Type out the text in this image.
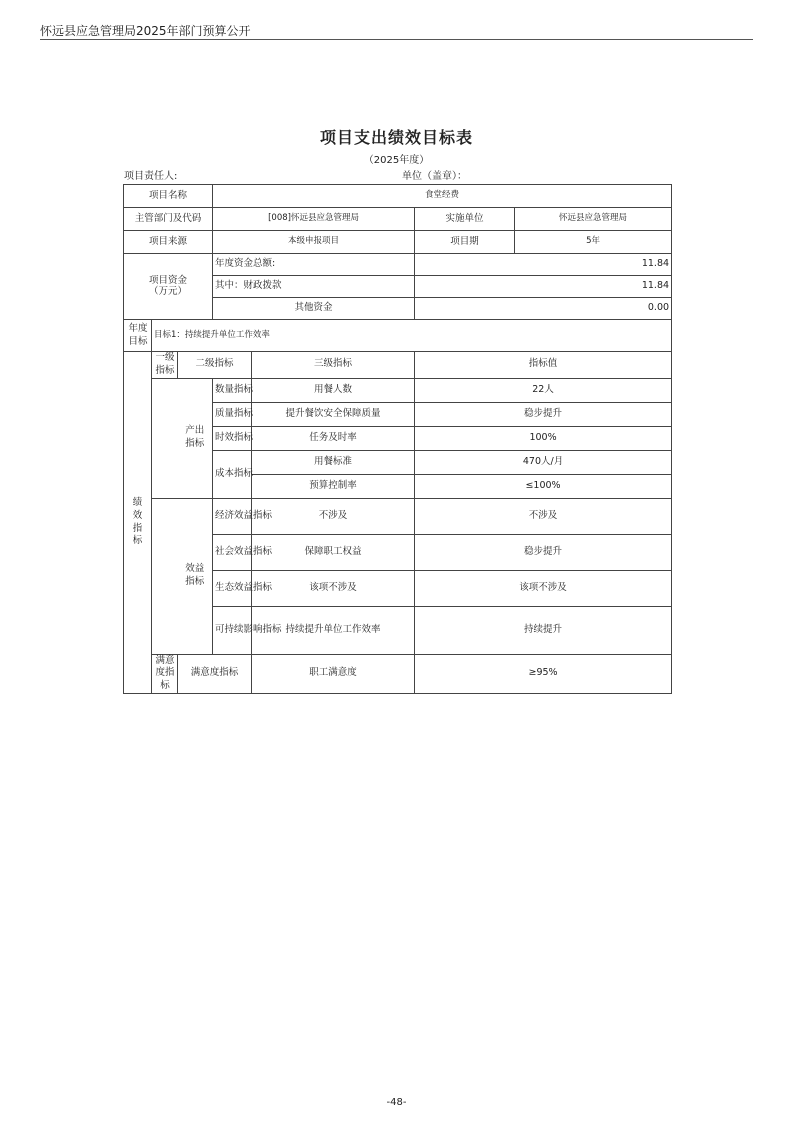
怀远县应急管理局2025年部门预算公开
项目支出绩效目标表
（2025年度）
项目责任人:	单位（盖章）：
项目名称			食堂经费			
主管部门及代码			[008]怀远县应急管理局		实施单位	怀远县应急管理局
项目来源			本级申报项目		项目期	5年

项目资金
（万元）			年度资金总额:		11.84	
			其中：财政拨款		11.84	
			其他资金		0.00	
年度目标	目标1：持续提升单位工作效率					
绩效指标	一级指标	二级指标		三级指标	指标值	
		产出指标	数量指标	用餐人数	22人	
			质量指标	提升餐饮安全保障质量	稳步提升	
			时效指标	任务及时率	100%	
			成本指标	用餐标准	470人/月	
				预算控制率	≤100%	
		效益指标	经济效益指标	不涉及	不涉及	
			社会效益指标	保障职工权益	稳步提升	
			生态效益指标	该项不涉及	该项不涉及	
			可持续影响指标	持续提升单位工作效率	持续提升	
	满意度指标	满意度指标		职工满意度	≥95%	
-48-
